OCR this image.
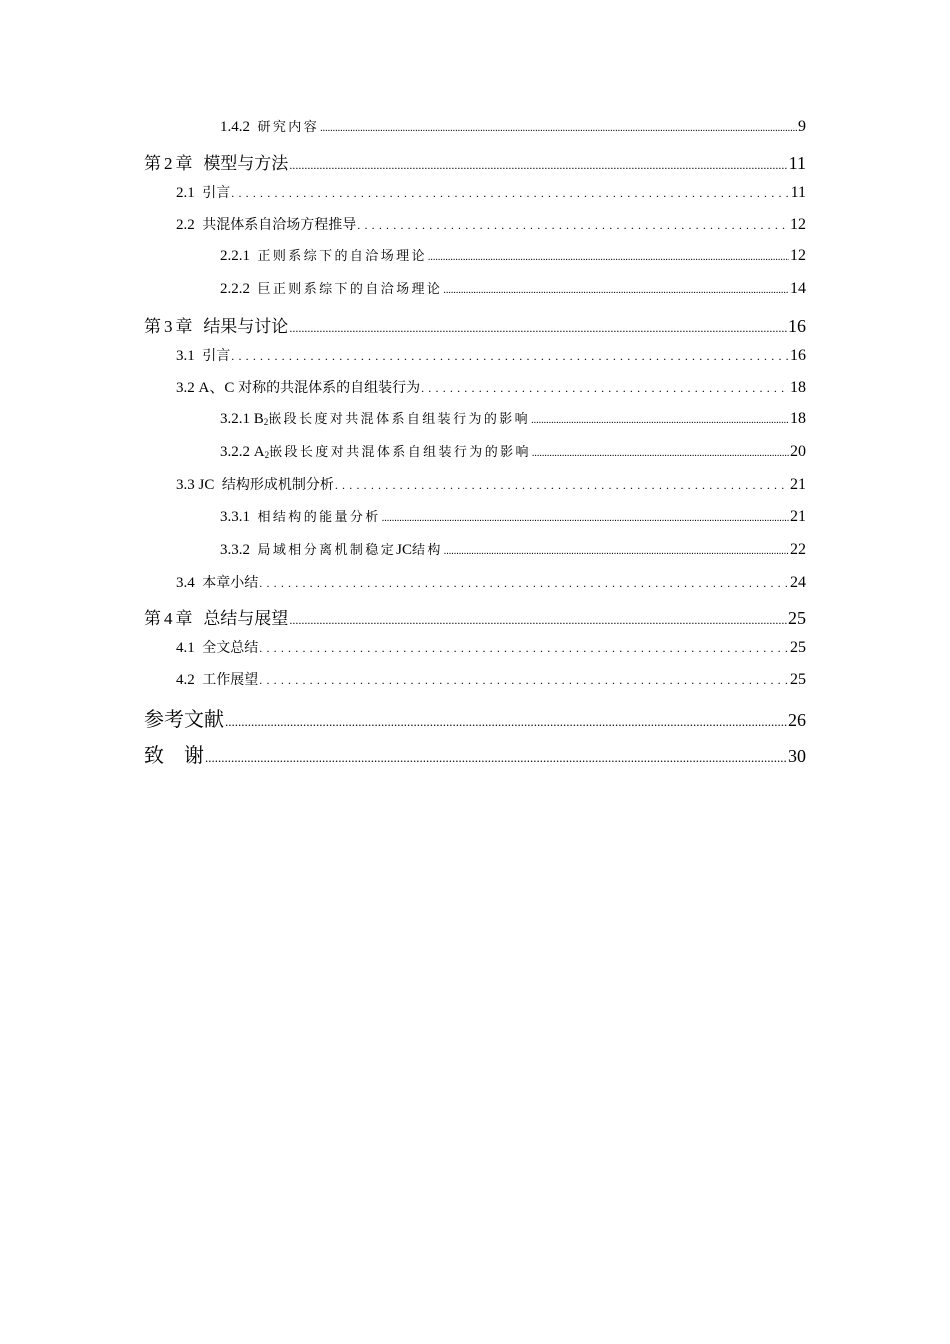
1.4.2 研究内容 .....	9
第 2 章 模型与方法 .....	11
2.1 引言 .....	11
2.2 共混体系自洽场方程推导 .....	12
2.2.1 正则系综下的自洽场理论 .....	12
2.2.2 巨正则系综下的自洽场理论 .....	14
第 3 章 结果与讨论 .....	16
3.1 引言 .....	16
3.2 A、C 对称的共混体系的自组装行为 .....	18
3.2.1 $B_2$嵌段长度对共混体系自组装行为的影响 .....	18
3.2.2 $A_2$嵌段长度对共混体系自组装行为的影响 .....	20
3.3 JC 结构形成机制分析 .....	21
3.3.1 相结构的能量分析 .....	21
3.3.2 局域相分离机制稳定JC结构 .....	22
3.4 本章小结 .....	24
第 4 章 总结与展望 .....	25
4.1 全文总结 .....	25
4.2 工作展望 .....	25
参考文献 .....	26
致　谢 .....	30
